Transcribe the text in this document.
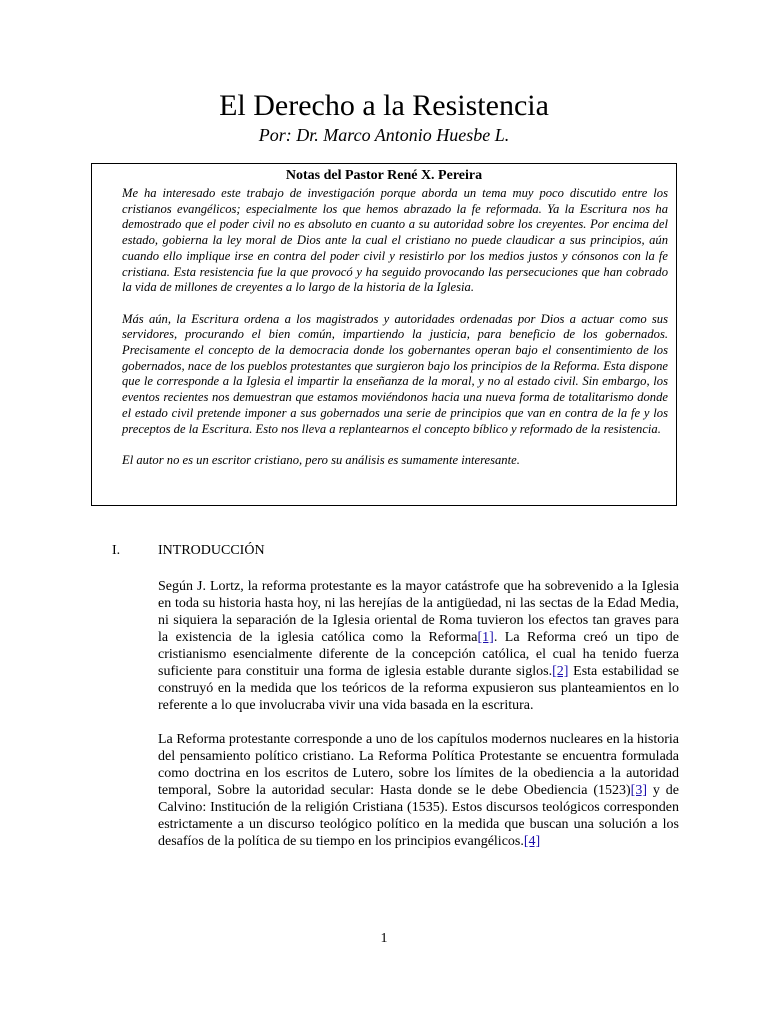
El Derecho a la Resistencia
Por: Dr. Marco Antonio Huesbe L.
Notas del Pastor René X. Pereira

Me ha interesado este trabajo de investigación porque aborda un tema muy poco discutido entre los cristianos evangélicos; especialmente los que hemos abrazado la fe reformada. Ya la Escritura nos ha demostrado que el poder civil no es absoluto en cuanto a su autoridad sobre los creyentes. Por encima del estado, gobierna la ley moral de Dios ante la cual el cristiano no puede claudicar a sus principios, aún cuando ello implique irse en contra del poder civil y resistirlo por los medios justos y cónsonos con la fe cristiana. Esta resistencia fue la que provocó y ha seguido provocando las persecuciones que han cobrado la vida de millones de creyentes a lo largo de la historia de la Iglesia.

Más aún, la Escritura ordena a los magistrados y autoridades ordenadas por Dios a actuar como sus servidores, procurando el bien común, impartiendo la justicia, para beneficio de los gobernados. Precisamente el concepto de la democracia donde los gobernantes operan bajo el consentimiento de los gobernados, nace de los pueblos protestantes que surgieron bajo los principios de la Reforma. Esta dispone que le corresponde a la Iglesia el impartir la enseñanza de la moral, y no al estado civil. Sin embargo, los eventos recientes nos demuestran que estamos moviéndonos hacia una nueva forma de totalitarismo donde el estado civil pretende imponer a sus gobernados una serie de principios que van en contra de la fe y los preceptos de la Escritura. Esto nos lleva a replantearnos el concepto bíblico y reformado de la resistencia.

El autor no es un escritor cristiano, pero su análisis es sumamente interesante.

I.	INTRODUCCIÓN

Según J. Lortz, la reforma protestante es la mayor catástrofe que ha sobrevenido a la Iglesia en toda su historia hasta hoy, ni las herejías de la antigüedad, ni las sectas de la Edad Media, ni siquiera la separación de la Iglesia oriental de Roma tuvieron los efectos tan graves para la existencia de la iglesia católica como la Reforma[1]. La Reforma creó un tipo de cristianismo esencialmente diferente de la concepción católica, el cual ha tenido fuerza suficiente para constituir una forma de iglesia estable durante siglos.[2] Esta estabilidad se construyó en la medida que los teóricos de la reforma expusieron sus planteamientos en lo referente a lo que involucraba vivir una vida basada en la escritura.

La Reforma protestante corresponde a uno de los capítulos modernos nucleares en la historia del pensamiento político cristiano. La Reforma Política Protestante se encuentra formulada como doctrina en los escritos de Lutero, sobre los límites de la obediencia a la autoridad temporal, Sobre la autoridad secular: Hasta donde se le debe Obediencia (1523)[3] y de Calvino: Institución de la religión Cristiana (1535). Estos discursos teológicos corresponden estrictamente a un discurso teológico político en la medida que buscan una solución a los desafíos de la política de su tiempo en los principios evangélicos.[4]

1
